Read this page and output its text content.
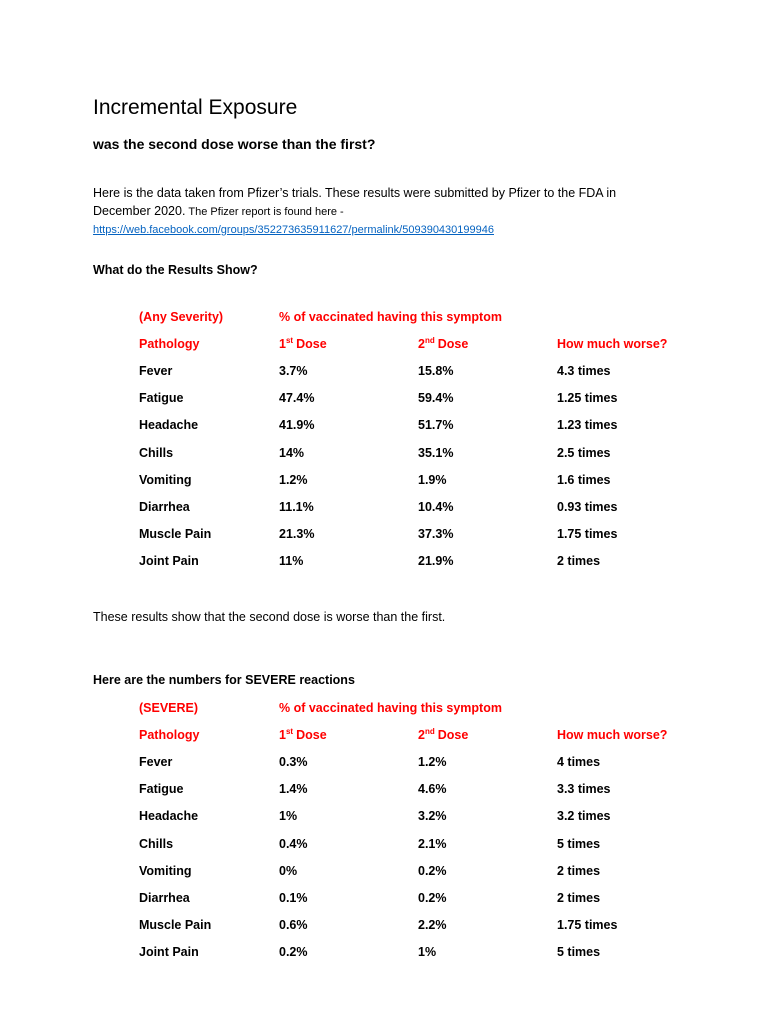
Incremental Exposure
was the second dose worse than the first?
Here is the data taken from Pfizer’s trials. These results were submitted by Pfizer to the FDA in
December 2020. The Pfizer report is found here -
https://web.facebook.com/groups/352273635911627/permalink/509390430199946
What do the Results Show?
(Any Severity)	% of vaccinated having this symptom		
Pathology	1st Dose	2nd Dose	How much worse?
Fever	3.7%	15.8%	4.3 times
Fatigue	47.4%	59.4%	1.25 times
Headache	41.9%	51.7%	1.23 times
Chills	14%	35.1%	2.5 times
Vomiting	1.2%	1.9%	1.6 times
Diarrhea	11.1%	10.4%	0.93 times
Muscle Pain	21.3%	37.3%	1.75 times
Joint Pain	11%	21.9%	2 times
These results show that the second dose is worse than the first.
Here are the numbers for SEVERE reactions
(SEVERE)	% of vaccinated having this symptom		
Pathology	1st Dose	2nd Dose	How much worse?
Fever	0.3%	1.2%	4 times
Fatigue	1.4%	4.6%	3.3 times
Headache	1%	3.2%	3.2 times
Chills	0.4%	2.1%	5 times
Vomiting	0%	0.2%	2 times
Diarrhea	0.1%	0.2%	2 times
Muscle Pain	0.6%	2.2%	1.75 times
Joint Pain	0.2%	1%	5 times
